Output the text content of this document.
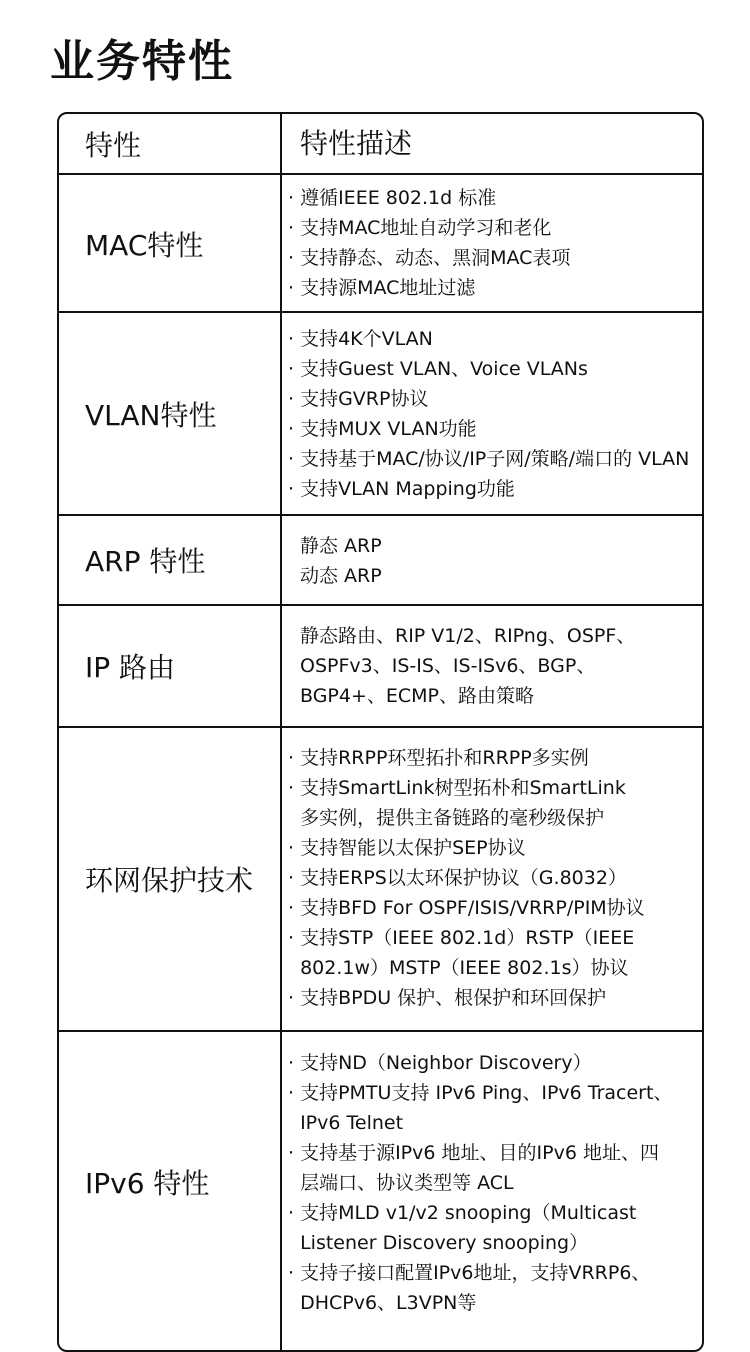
业务特性
特性	特性描述
MAC特性
· 遵循IEEE 802.1d 标准
· 支持MAC地址自动学习和老化
· 支持静态、动态、黑洞MAC表项
· 支持源MAC地址过滤
VLAN特性
· 支持4K个VLAN
· 支持Guest VLAN、Voice VLANs
· 支持GVRP协议
· 支持MUX VLAN功能
· 支持基于MAC/协议/IP子网/策略/端口的 VLAN
· 支持VLAN Mapping功能
ARP 特性	静态 ARP
动态 ARP
IP 路由
静态路由、RIP V1/2、RIPng、OSPF、
OSPFv3、IS-IS、IS-ISv6、BGP、
BGP4+、ECMP、路由策略
环网保护技术
· 支持RRPP环型拓扑和RRPP多实例
· 支持SmartLink树型拓朴和SmartLink
多实例，提供主备链路的毫秒级保护
· 支持智能以太保护SEP协议
· 支持ERPS以太环保护协议（G.8032）
· 支持BFD For OSPF/ISIS/VRRP/PIM协议
· 支持STP（IEEE 802.1d）RSTP（IEEE
802.1w）MSTP（IEEE 802.1s）协议
· 支持BPDU 保护、根保护和环回保护
IPv6 特性
· 支持ND（Neighbor Discovery）
· 支持PMTU支持 IPv6 Ping、IPv6 Tracert、
IPv6 Telnet
· 支持基于源IPv6 地址、目的IPv6 地址、四
层端口、协议类型等 ACL
· 支持MLD v1/v2 snooping（Multicast
Listener Discovery snooping）
· 支持子接口配置IPv6地址，支持VRRP6、
DHCPv6、L3VPN等
